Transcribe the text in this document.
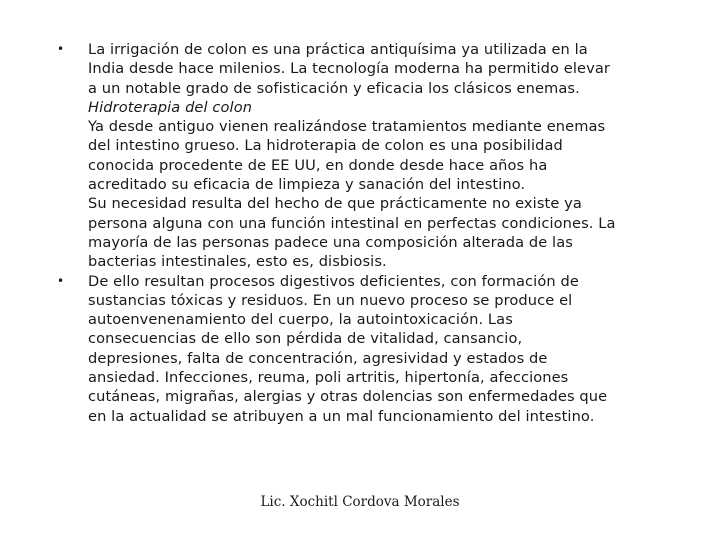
• La irrigación de colon es una práctica antiquísima ya utilizada en la
India desde hace milenios. La tecnología moderna ha permitido elevar
a un notable grado de sofisticación y eficacia los clásicos enemas.
Hidroterapia del colon
Ya desde antiguo vienen realizándose tratamientos mediante enemas
del intestino grueso. La hidroterapia de colon es una posibilidad
conocida procedente de EE UU, en donde desde hace años ha
acreditado su eficacia de limpieza y sanación del intestino.
Su necesidad resulta del hecho de que prácticamente no existe ya
persona alguna con una función intestinal en perfectas condiciones. La
mayoría de las personas padece una composición alterada de las
bacterias intestinales, esto es, disbiosis.
• De ello resultan procesos digestivos deficientes, con formación de
sustancias tóxicas y residuos. En un nuevo proceso se produce el
autoenvenenamiento del cuerpo, la autointoxicación. Las
consecuencias de ello son pérdida de vitalidad, cansancio,
depresiones, falta de concentración, agresividad y estados de
ansiedad. Infecciones, reuma, poli artritis, hipertonía, afecciones
cutáneas, migrañas, alergias y otras dolencias son enfermedades que
en la actualidad se atribuyen a un mal funcionamiento del intestino.
Lic. Xochitl Cordova Morales
